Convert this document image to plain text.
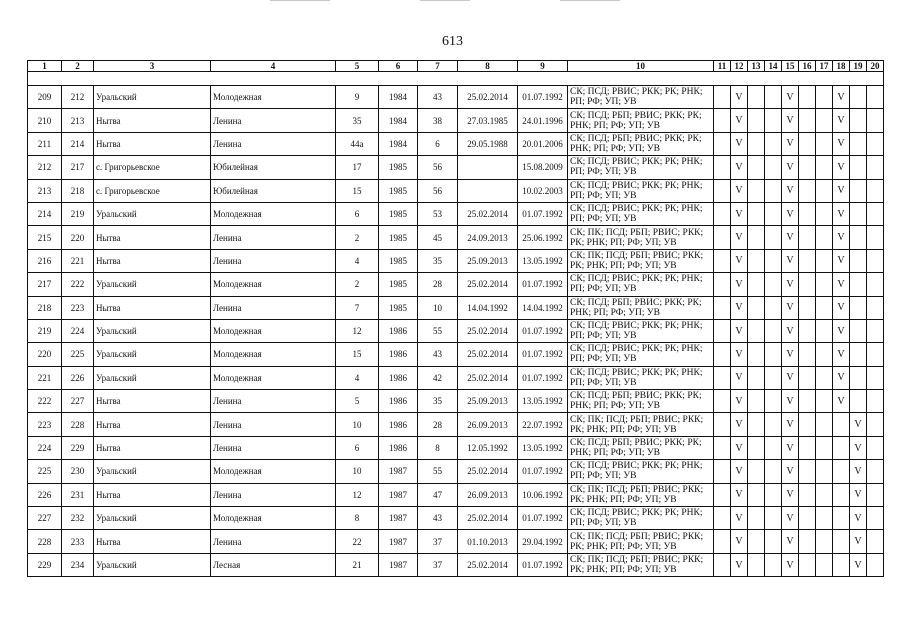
613
1	2	3	4	5	6	7	8	9	10	11	12	13	14	15	16	17	18	19	20

209	212	Уральский	Молодежная	9	1984	43	25.02.2014	01.07.1992	СК; ПСД; РВИС; РКК; РК; РНК; РП; РФ; УП; УВ		V			V			V		
210	213	Нытва	Ленина	35	1984	38	27.03.1985	24.01.1996	СК; ПСД; РБП; РВИС; РКК; РК; РНК; РП; РФ; УП; УВ		V			V			V		
211	214	Нытва	Ленина	44а	1984	6	29.05.1988	20.01.2006	СК; ПСД; РБП; РВИС; РКК; РК; РНК; РП; РФ; УП; УВ		V			V			V		
212	217	с. Григорьевское	Юбилейная	17	1985	56		15.08.2009	СК; ПСД; РВИС; РКК; РК; РНК; РП; РФ; УП; УВ		V			V			V		
213	218	с. Григорьевское	Юбилейная	15	1985	56		10.02.2003	СК; ПСД; РВИС; РКК; РК; РНК; РП; РФ; УП; УВ		V			V			V		
214	219	Уральский	Молодежная	6	1985	53	25.02.2014	01.07.1992	СК; ПСД; РВИС; РКК; РК; РНК; РП; РФ; УП; УВ		V			V			V		
215	220	Нытва	Ленина	2	1985	45	24.09.2013	25.06.1992	СК; ПК; ПСД; РБП; РВИС; РКК; РК; РНК; РП; РФ; УП; УВ		V			V			V		
216	221	Нытва	Ленина	4	1985	35	25.09.2013	13.05.1992	СК; ПК; ПСД; РБП; РВИС; РКК; РК; РНК; РП; РФ; УП; УВ		V			V			V		
217	222	Уральский	Молодежная	2	1985	28	25.02.2014	01.07.1992	СК; ПСД; РВИС; РКК; РК; РНК; РП; РФ; УП; УВ		V			V			V		
218	223	Нытва	Ленина	7	1985	10	14.04.1992	14.04.1992	СК; ПСД; РБП; РВИС; РКК; РК; РНК; РП; РФ; УП; УВ		V			V			V		
219	224	Уральский	Молодежная	12	1986	55	25.02.2014	01.07.1992	СК; ПСД; РВИС; РКК; РК; РНК; РП; РФ; УП; УВ		V			V			V		
220	225	Уральский	Молодежная	15	1986	43	25.02.2014	01.07.1992	СК; ПСД; РВИС; РКК; РК; РНК; РП; РФ; УП; УВ		V			V			V		
221	226	Уральский	Молодежная	4	1986	42	25.02.2014	01.07.1992	СК; ПСД; РВИС; РКК; РК; РНК; РП; РФ; УП; УВ		V			V			V		
222	227	Нытва	Ленина	5	1986	35	25.09.2013	13.05.1992	СК; ПСД; РБП; РВИС; РКК; РК; РНК; РП; РФ; УП; УВ		V			V			V		
223	228	Нытва	Ленина	10	1986	28	26.09.2013	22.07.1992	СК; ПК; ПСД; РБП; РВИС; РКК; РК; РНК; РП; РФ; УП; УВ		V			V				V	
224	229	Нытва	Ленина	6	1986	8	12.05.1992	13.05.1992	СК; ПСД; РБП; РВИС; РКК; РК; РНК; РП; РФ; УП; УВ		V			V				V	
225	230	Уральский	Молодежная	10	1987	55	25.02.2014	01.07.1992	СК; ПСД; РВИС; РКК; РК; РНК; РП; РФ; УП; УВ		V			V				V	
226	231	Нытва	Ленина	12	1987	47	26.09.2013	10.06.1992	СК; ПК; ПСД; РБП; РВИС; РКК; РК; РНК; РП; РФ; УП; УВ		V			V				V	
227	232	Уральский	Молодежная	8	1987	43	25.02.2014	01.07.1992	СК; ПСД; РВИС; РКК; РК; РНК; РП; РФ; УП; УВ		V			V				V	
228	233	Нытва	Ленина	22	1987	37	01.10.2013	29.04.1992	СК; ПК; ПСД; РБП; РВИС; РКК; РК; РНК; РП; РФ; УП; УВ		V			V				V	
229	234	Уральский	Лесная	21	1987	37	25.02.2014	01.07.1992	СК; ПК; ПСД; РБП; РВИС; РКК; РК; РНК; РП; РФ; УП; УВ		V			V				V	
